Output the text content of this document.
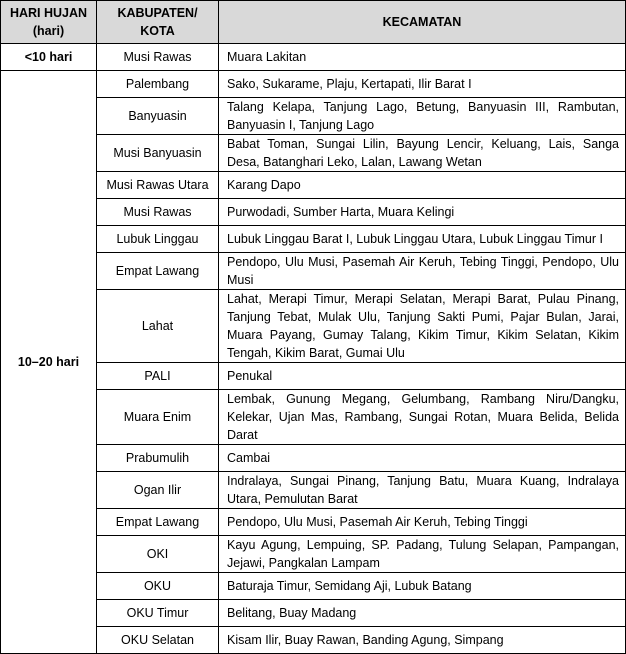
HARI HUJAN (hari)	KABUPATEN/ KOTA	KECAMATAN
<10 hari	Musi Rawas	Muara Lakitan
10–20 hari	Palembang	Sako, Sukarame, Plaju, Kertapati, Ilir Barat I
	Banyuasin	Talang Kelapa, Tanjung Lago, Betung, Banyuasin III, Rambutan, Banyuasin I, Tanjung Lago
	Musi Banyuasin	Babat Toman, Sungai Lilin, Bayung Lencir, Keluang, Lais, Sanga Desa, Batanghari Leko, Lalan, Lawang Wetan
	Musi Rawas Utara	Karang Dapo
	Musi Rawas	Purwodadi, Sumber Harta, Muara Kelingi
	Lubuk Linggau	Lubuk Linggau Barat I, Lubuk Linggau Utara, Lubuk Linggau Timur I
	Empat Lawang	Pendopo, Ulu Musi, Pasemah Air Keruh, Tebing Tinggi, Pendopo, Ulu Musi
	Lahat	Lahat, Merapi Timur, Merapi Selatan, Merapi Barat, Pulau Pinang, Tanjung Tebat, Mulak Ulu, Tanjung Sakti Pumi, Pajar Bulan, Jarai, Muara Payang, Gumay Talang, Kikim Timur, Kikim Selatan, Kikim Tengah, Kikim Barat, Gumai Ulu
	PALI	Penukal
	Muara Enim	Lembak, Gunung Megang, Gelumbang, Rambang Niru/Dangku, Kelekar, Ujan Mas, Rambang, Sungai Rotan, Muara Belida, Belida Darat
	Prabumulih	Cambai
	Ogan Ilir	Indralaya, Sungai Pinang, Tanjung Batu, Muara Kuang, Indralaya Utara, Pemulutan Barat
	Empat Lawang	Pendopo, Ulu Musi, Pasemah Air Keruh, Tebing Tinggi
	OKI	Kayu Agung, Lempuing, SP. Padang, Tulung Selapan, Pampangan, Jejawi, Pangkalan Lampam
	OKU	Baturaja Timur, Semidang Aji, Lubuk Batang
	OKU Timur	Belitang, Buay Madang
	OKU Selatan	Kisam Ilir, Buay Rawan, Banding Agung, Simpang
